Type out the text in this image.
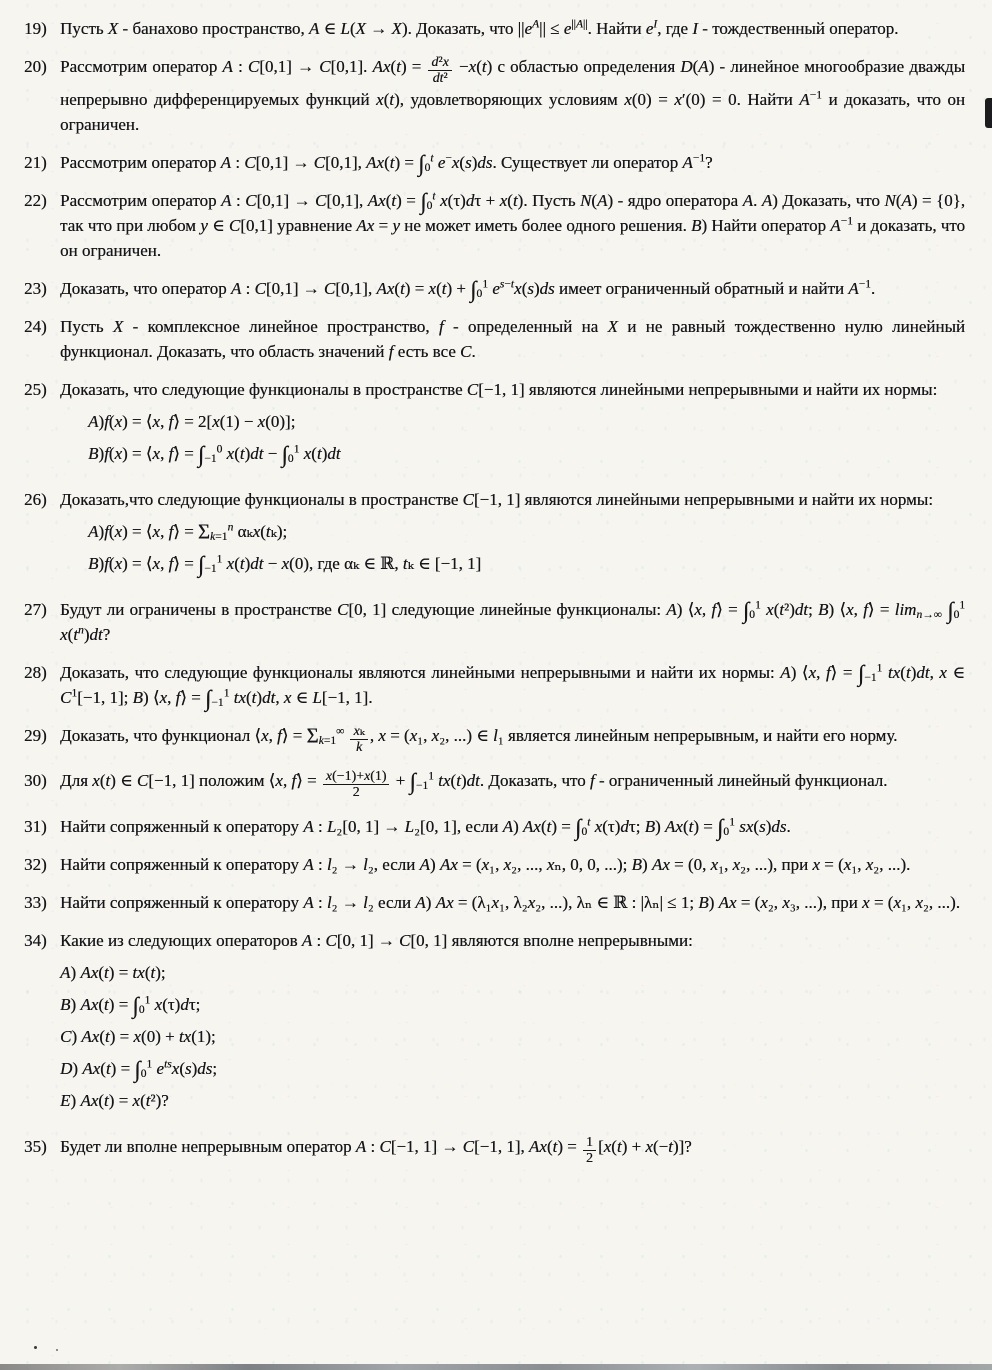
19) Пусть X - банахово пространство, A ∈ L(X → X). Доказать, что $||e^A|| \le e^{||A||}$. Найти $e^I$, где I - тождественный оператор.
20) Рассмотрим оператор A : C[0,1] → C[0,1]. $Ax(t) = \frac{\text{d²x}}{\text{dt²}} -x(t)$ с областью определения D(A) - линейное многообразие дважды непрерывно дифференцируемых функций x(t), удовлетворяющих условиям x(0) = x′(0) = 0. Найти $A^{-1}$ и доказать, что он ограничен.
21) Рассмотрим оператор A : C[0,1] → C[0,1], $Ax(t) = \int_0^t$ e−x(s)ds. Существует ли оператор $A^{-1}$?
22) Рассмотрим оператор A : C[0,1] → C[0,1], $Ax(t) = \int_0^t$ x(τ)dτ + x(t). Пусть N(A) - ядро оператора A. A) Доказать, что N(A) = {0}, так что при любом y ∈ C[0,1] уравнение Ax = y не может иметь более одного решения. B) Найти оператор $A^{-1}$ и доказать, что он ограничен.
23) Доказать, что оператор A : C[0,1] → C[0,1], $Ax(t) = x(t) + \int_0^1$ $e^{s-t}x(s)ds$ имеет ограниченный обратный и найти $A^{-1}$.
24) Пусть X - комплексное линейное пространство, f - определенный на X и не равный тождественно нулю линейный функционал. Доказать, что область значений f есть все C.
25) Доказать, что следующие функционалы в пространстве C[−1, 1] являются линейными непрерывными и найти их нормы:
A)f(x) = ⟨x, f⟩ = 2[x(1) − x(0)];
B)f(x) = ⟨x, f⟩ = $\int_{-1}^0$ $x(t)dt - \int_0^1$ x(t)dt
26) Доказать,что следующие функционалы в пространстве C[−1, 1] являются линейными непрерывными и найти их нормы:
A)f(x) = ⟨x, f⟩ = $\Sigma_{k=1}^n$ αₖx(tₖ);
B)f(x) = ⟨x, f⟩ = $\int_{-1}^1$ x(t)dt − x(0), где αₖ ∈ ℝ, tₖ ∈ [−1, 1]
27) Будут ли ограничены в пространстве C[0, 1] следующие линейные функционалы: A) ⟨x, f⟩ = $\int_0^1$ x(t²)dt; B) ⟨x, f⟩ = $\lim_{n\to\infty} \int_0^1$ $x(t^n)dt$?
28) Доказать, что следующие функционалы являются линейными непрерывными и найти их нормы: A) ⟨x, f⟩ = $\int_{-1}^1$ tx(t)dt, x ∈ $C^1[-1$, 1]; B) ⟨x, f⟩ = $\int_{-1}^1$ tx(t)dt, x ∈ L[−1, 1].
29) Доказать, что функционал ⟨x, f⟩ = $\Sigma_{k=1}^\infty \frac{\text{xₖ}}{k}$ , x = (x₁, x₂, ...) ∈ l₁ является линейным непрерывным, и найти его норму.
30) Для x(t) ∈ C[−1, 1] положим ⟨x, f⟩ = $\frac{x(-1)+x(1)}{2} + \int_{-1}^1$ tx(t)dt. Доказать, что f - ограниченный линейный функционал.
31) Найти сопряженный к оператору A : L₂[0, 1] → L₂[0, 1], если A) $Ax(t) = \int_0^t$ x(τ)dτ; B) $Ax(t) = \int_0^1$ sx(s)ds.
32) Найти сопряженный к оператору A : l₂ → l₂, если A) Ax = (x₁, x₂, ..., xₙ, 0, 0, ...); B) Ax = (0, x₁, x₂, ...), при x = (x₁, x₂, ...).
33) Найти сопряженный к оператору A : l₂ → l₂ если A) Ax = (λ₁x₁, λ₂x₂, ...), λₙ ∈ ℝ : |λₙ| ≤ 1; B) Ax = (x₂, x₃, ...), при x = (x₁, x₂, ...).
34) Какие из следующих операторов A : C[0, 1] → C[0, 1] являются вполне непрерывными:
A) Ax(t) = tx(t);
B) $Ax(t) = \int_0^1$ x(τ)dτ;
C) Ax(t) = x(0) + tx(1);
D) $Ax(t) = \int_0^1$ $e^{ts}x(s)ds$;
E) Ax(t) = x(t²)?
35) Будет ли вполне непрерывным оператор A : C[−1, 1] → C[−1, 1], $Ax(t) = \frac{1}{2} [x(t) + x(-t)]$?
